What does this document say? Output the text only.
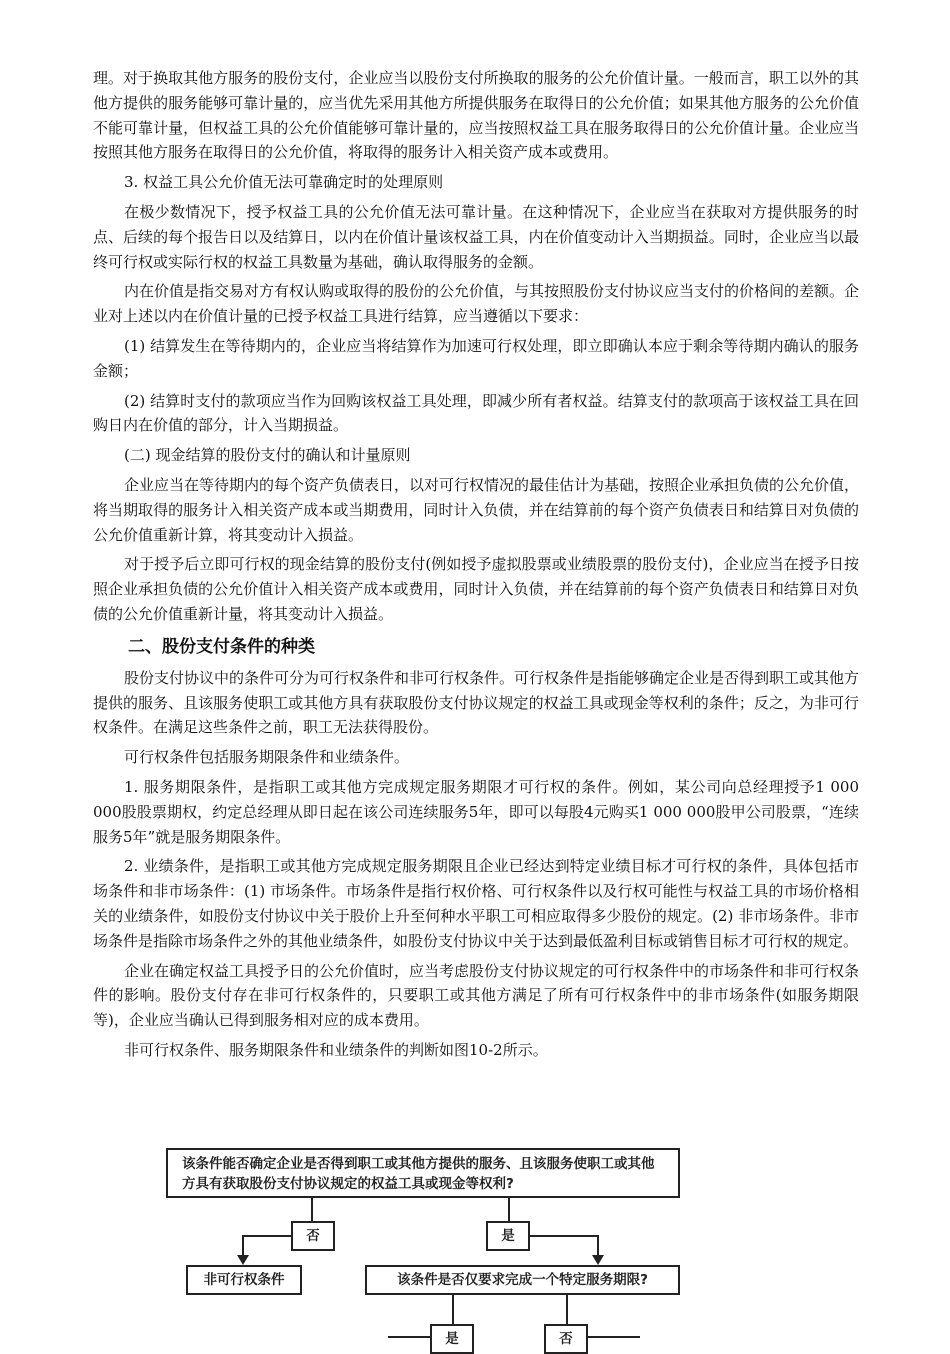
理。对于换取其他方服务的股份支付，企业应当以股份支付所换取的服务的公允价值计量。一般而言，职工以外的其他方提供的服务能够可靠计量的，应当优先采用其他方所提供服务在取得日的公允价值；如果其他方服务的公允价值不能可靠计量，但权益工具的公允价值能够可靠计量的，应当按照权益工具在服务取得日的公允价值计量。企业应当按照其他方服务在取得日的公允价值，将取得的服务计入相关资产成本或费用。

3. 权益工具公允价值无法可靠确定时的处理原则

在极少数情况下，授予权益工具的公允价值无法可靠计量。在这种情况下，企业应当在获取对方提供服务的时点、后续的每个报告日以及结算日，以内在价值计量该权益工具，内在价值变动计入当期损益。同时，企业应当以最终可行权或实际行权的权益工具数量为基础，确认取得服务的金额。

内在价值是指交易对方有权认购或取得的股份的公允价值，与其按照股份支付协议应当支付的价格间的差额。企业对上述以内在价值计量的已授予权益工具进行结算，应当遵循以下要求：

(1) 结算发生在等待期内的，企业应当将结算作为加速可行权处理，即立即确认本应于剩余等待期内确认的服务金额；

(2) 结算时支付的款项应当作为回购该权益工具处理，即减少所有者权益。结算支付的款项高于该权益工具在回购日内在价值的部分，计入当期损益。

(二) 现金结算的股份支付的确认和计量原则

企业应当在等待期内的每个资产负债表日，以对可行权情况的最佳估计为基础，按照企业承担负债的公允价值，将当期取得的服务计入相关资产成本或当期费用，同时计入负债，并在结算前的每个资产负债表日和结算日对负债的公允价值重新计算，将其变动计入损益。

对于授予后立即可行权的现金结算的股份支付(例如授予虚拟股票或业绩股票的股份支付)，企业应当在授予日按照企业承担负债的公允价值计入相关资产成本或费用，同时计入负债，并在结算前的每个资产负债表日和结算日对负债的公允价值重新计量，将其变动计入损益。

二、股份支付条件的种类

股份支付协议中的条件可分为可行权条件和非可行权条件。可行权条件是指能够确定企业是否得到职工或其他方提供的服务、且该服务使职工或其他方具有获取股份支付协议规定的权益工具或现金等权利的条件；反之，为非可行权条件。在满足这些条件之前，职工无法获得股份。

可行权条件包括服务期限条件和业绩条件。

1. 服务期限条件，是指职工或其他方完成规定服务期限才可行权的条件。例如，某公司向总经理授予1 000 000股股票期权，约定总经理从即日起在该公司连续服务5年，即可以每股4元购买1 000 000股甲公司股票，“连续服务5年”就是服务期限条件。

2. 业绩条件，是指职工或其他方完成规定服务期限且企业已经达到特定业绩目标才可行权的条件，具体包括市场条件和非市场条件：(1) 市场条件。市场条件是指行权价格、可行权条件以及行权可能性与权益工具的市场价格相关的业绩条件，如股份支付协议中关于股价上升至何种水平职工可相应取得多少股份的规定。(2) 非市场条件。非市场条件是指除市场条件之外的其他业绩条件，如股份支付协议中关于达到最低盈利目标或销售目标才可行权的规定。

企业在确定权益工具授予日的公允价值时，应当考虑股份支付协议规定的可行权条件中的市场条件和非可行权条件的影响。股份支付存在非可行权条件的，只要职工或其他方满足了所有可行权条件中的非市场条件(如服务期限等)，企业应当确认已得到服务相对应的成本费用。

非可行权条件、服务期限条件和业绩条件的判断如图10-2所示。

该条件能否确定企业是否得到职工或其他方提供的服务、且该服务使职工或其他方具有获取股份支付协议规定的权益工具或现金等权利?
否	是
非可行权条件	该条件是否仅要求完成一个特定服务期限?
是	否
